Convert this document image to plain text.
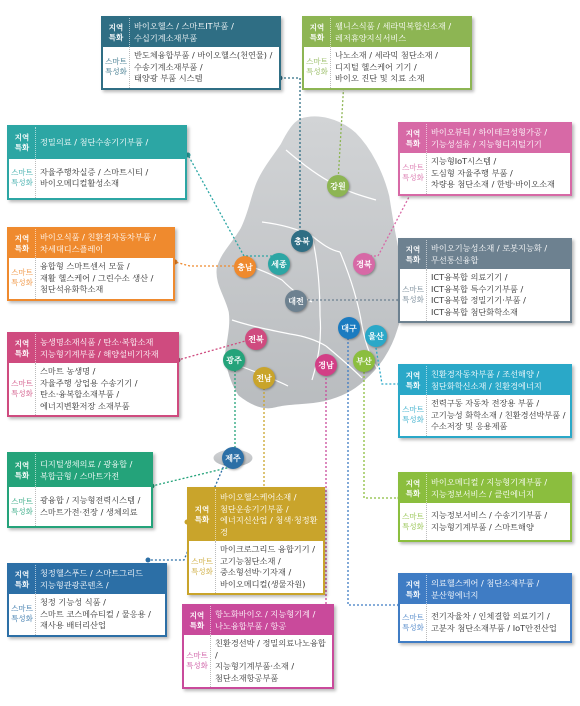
강원
충북
세종
충남	경북
대전
대구
울산
전북
광주
전남
경남	부산
제주
지역
특화
바이오헬스 / 스마트IT부품 /
수십기계소재부품
스마트
특성화
반도체융합부품 / 바이오헬스(천연물) /
수송기계소재부품 /
태양광 부품 시스템
지역
특화
웰니스식품 / 세라믹복합신소재 /
레저휴양지식서비스
스마트
특성화
나노소재 / 세라믹 첨단소재 /
디지털 헬스케어 기기 /
바이오 진단 및 치료 소재
지역
특화
정밀의료 / 첨단수송기기부품 /
스마트
특성화
자율주행차실증 / 스마트시티 /
바이오메디컬활성소재
지역
특화
바이오뷰티 / 하이테크성형가공 /
기능성섬유 / 지능형디지털기기
스마트
특성화
지능형IoT시스템 /
도심형 자율주행 부품 /
차량용 첨단소재 / 한방·바이오소재
지역
특화
바이오식품 / 친환경자동차부품 /
차세대디스플레이
스마트
특성화
융합형 스마트센서 모듈 /
재활 헬스케어 / 그린수소 생산 /
첨단석유화학소재
지역
특화
바이오기능성소재 / 로봇지능화 /
무선통신융합
스마트
특성화
ICT융복합 의료기기 /
ICT융복합 특수기기부품 /
ICT융복합 정밀기기·부품 /
ICT융복합 첨단화학소재
지역
특화
농생명소재식품 / 탄소·복합소재
지능형기계부품 / 해양설비기자재
스마트
특성화
스마트 농생명 /
자율주행 상업용 수송기기 /
탄소·융복합소재부품 /
에너지변환저장 소재부품
지역
특화
친환경자동차부품 / 조선해양 /
첨단화학신소재 / 친환경에너지
스마트
특성화
전력구동 자동차 전장용 부품 /
고기능성 화학소재 / 친환경선박부품 /
수소저장 및 응용제품
지역
특화
디지털생체의료 / 광융합 /
복합금형 / 스마트가전
스마트
특성화
광융합 / 지능형전력시스템 /
스마트가전·전장 / 생체의료	지역
특화
바이오헬스케어소재 /
첨단운송기기부품 /
에너지신산업 / 청색·청정환경
스마트
특성화
마이크로그리드 융합기기 /
고기능첨단소재 /
중소형선박·기자재 /
바이오메디컬(생물자원)
지역
특화
바이오메디컬 / 지능형기계부품 /
지능정보서비스 / 클린에너지
스마트
특성화
지능정보서비스 / 수송기기부품 /
지능형기계부품 / 스마트해양
지역
특화
청정헬스푸드 / 스마트그리드
지능형관광콘텐츠 /
스마트
특성화
청정 기능성 식품 /
스마트 코스메슈티컬 / 물응용 /
재사용 배터리산업
지역
특화
항노화바이오 / 지능형기계 /
나노융합부품 / 항공
스마트
특성화
친환경선박 / 정밀의료나노융합 /
지능형기계부품·소재 /
첨단소재항공부품
지역
특화
의료헬스케어 / 첨단소재부품 /
분산형에너지
스마트
특성화
전기자율차 / 인체결합 의료기기 /
고분자 첨단소재부품 / IoT안전산업
